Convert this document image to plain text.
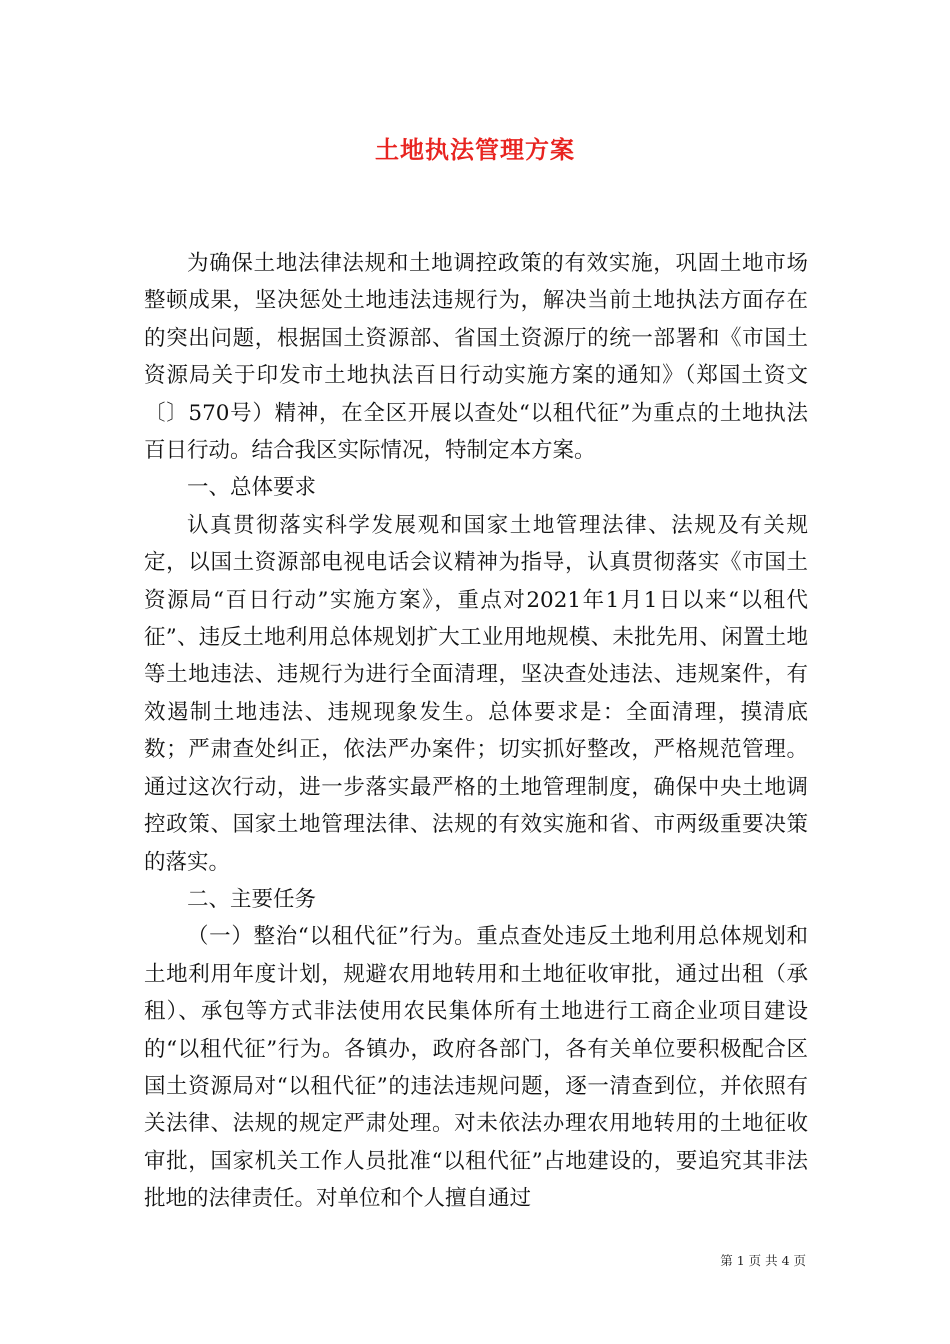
土地执法管理方案

为确保土地法律法规和土地调控政策的有效实施，巩固土地市场整顿成果，坚决惩处土地违法违规行为，解决当前土地执法方面存在的突出问题，根据国土资源部、省国土资源厅的统一部署和《市国土资源局关于印发市土地执法百日行动实施方案的通知》（郑国土资文〔〕570号）精神，在全区开展以查处“以租代征”为重点的土地执法百日行动。结合我区实际情况，特制定本方案。

一、总体要求

认真贯彻落实科学发展观和国家土地管理法律、法规及有关规定，以国土资源部电视电话会议精神为指导，认真贯彻落实《市国土资源局“百日行动”实施方案》，重点对2021年1月1日以来“以租代征”、违反土地利用总体规划扩大工业用地规模、未批先用、闲置土地等土地违法、违规行为进行全面清理，坚决查处违法、违规案件，有效遏制土地违法、违规现象发生。总体要求是：全面清理，摸清底数；严肃查处纠正，依法严办案件；切实抓好整改，严格规范管理。通过这次行动，进一步落实最严格的土地管理制度，确保中央土地调控政策、国家土地管理法律、法规的有效实施和省、市两级重要决策的落实。

二、主要任务

（一）整治“以租代征”行为。重点查处违反土地利用总体规划和土地利用年度计划，规避农用地转用和土地征收审批，通过出租（承租）、承包等方式非法使用农民集体所有土地进行工商企业项目建设的“以租代征”行为。各镇办，政府各部门，各有关单位要积极配合区国土资源局对“以租代征”的违法违规问题，逐一清查到位，并依照有关法律、法规的规定严肃处理。对未依法办理农用地转用的土地征收审批，国家机关工作人员批准“以租代征”占地建设的，要追究其非法批地的法律责任。对单位和个人擅自通过

第 1 页 共 4 页
